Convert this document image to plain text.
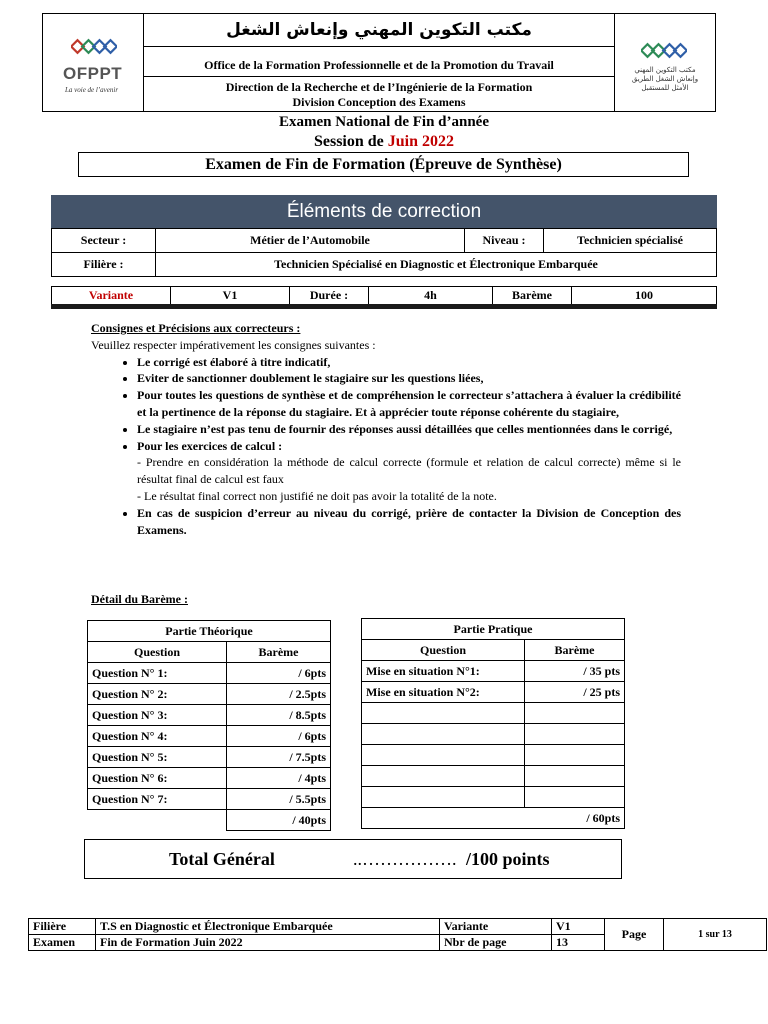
OFPPT
La voie de l’avenir
مكتب التكوين المهني وإنعاش الشغل
Office de la Formation Professionnelle et de la Promotion du Travail
Direction de la Recherche et de l’Ingénierie de la Formation
Division Conception des Examens
مكتب التكوين المهني وإنعاش الشغل الطريق الأمثل للمستقبل
Examen National de Fin d’année
Session de Juin 2022
Examen de Fin de Formation (Épreuve de Synthèse)
Éléments de correction
Secteur :	Métier de l’Automobile	Niveau :	Technicien spécialisé
Filière :	Technicien Spécialisé en Diagnostic et Électronique Embarquée		
Variante	V1	Durée :	4h	Barème	100
Consignes et Précisions aux correcteurs :
Veuillez respecter impérativement les consignes suivantes :
• Le corrigé est élaboré à titre indicatif,
• Eviter de sanctionner doublement le stagiaire sur les questions liées,
• Pour toutes les questions de synthèse et de compréhension le correcteur s’attachera à évaluer la crédibilité et la pertinence de la réponse du stagiaire. Et à apprécier toute réponse cohérente du stagiaire,
• Le stagiaire n’est pas tenu de fournir des réponses aussi détaillées que celles mentionnées dans le corrigé,
• Pour les exercices de calcul :
- Prendre en considération la méthode de calcul correcte (formule et relation de calcul correcte) même si le résultat final de calcul est faux
- Le résultat final correct non justifié ne doit pas avoir la totalité de la note.
• En cas de suspicion d’erreur au niveau du corrigé, prière de contacter la Division de Conception des Examens.
Détail du Barème :
Partie Théorique	
Question	Barème
Question N° 1:	/ 6pts
Question N° 2:	/ 2.5pts
Question N° 3:	/ 8.5pts
Question N° 4:	/ 6pts
Question N° 5:	/ 7.5pts
Question N° 6:	/ 4pts
Question N° 7:	/ 5.5pts
	/ 40pts
Partie Pratique	
Question	Barème
Mise en situation N°1:	/ 35 pts
Mise en situation N°2:	/ 25 pts

/ 60pts	
Total Général	..……………. /100 points
Filière	T.S en Diagnostic et Électronique Embarquée	Variante	V1	Page	1 sur 13
Examen	Fin de Formation Juin 2022	Nbr de page	13		
